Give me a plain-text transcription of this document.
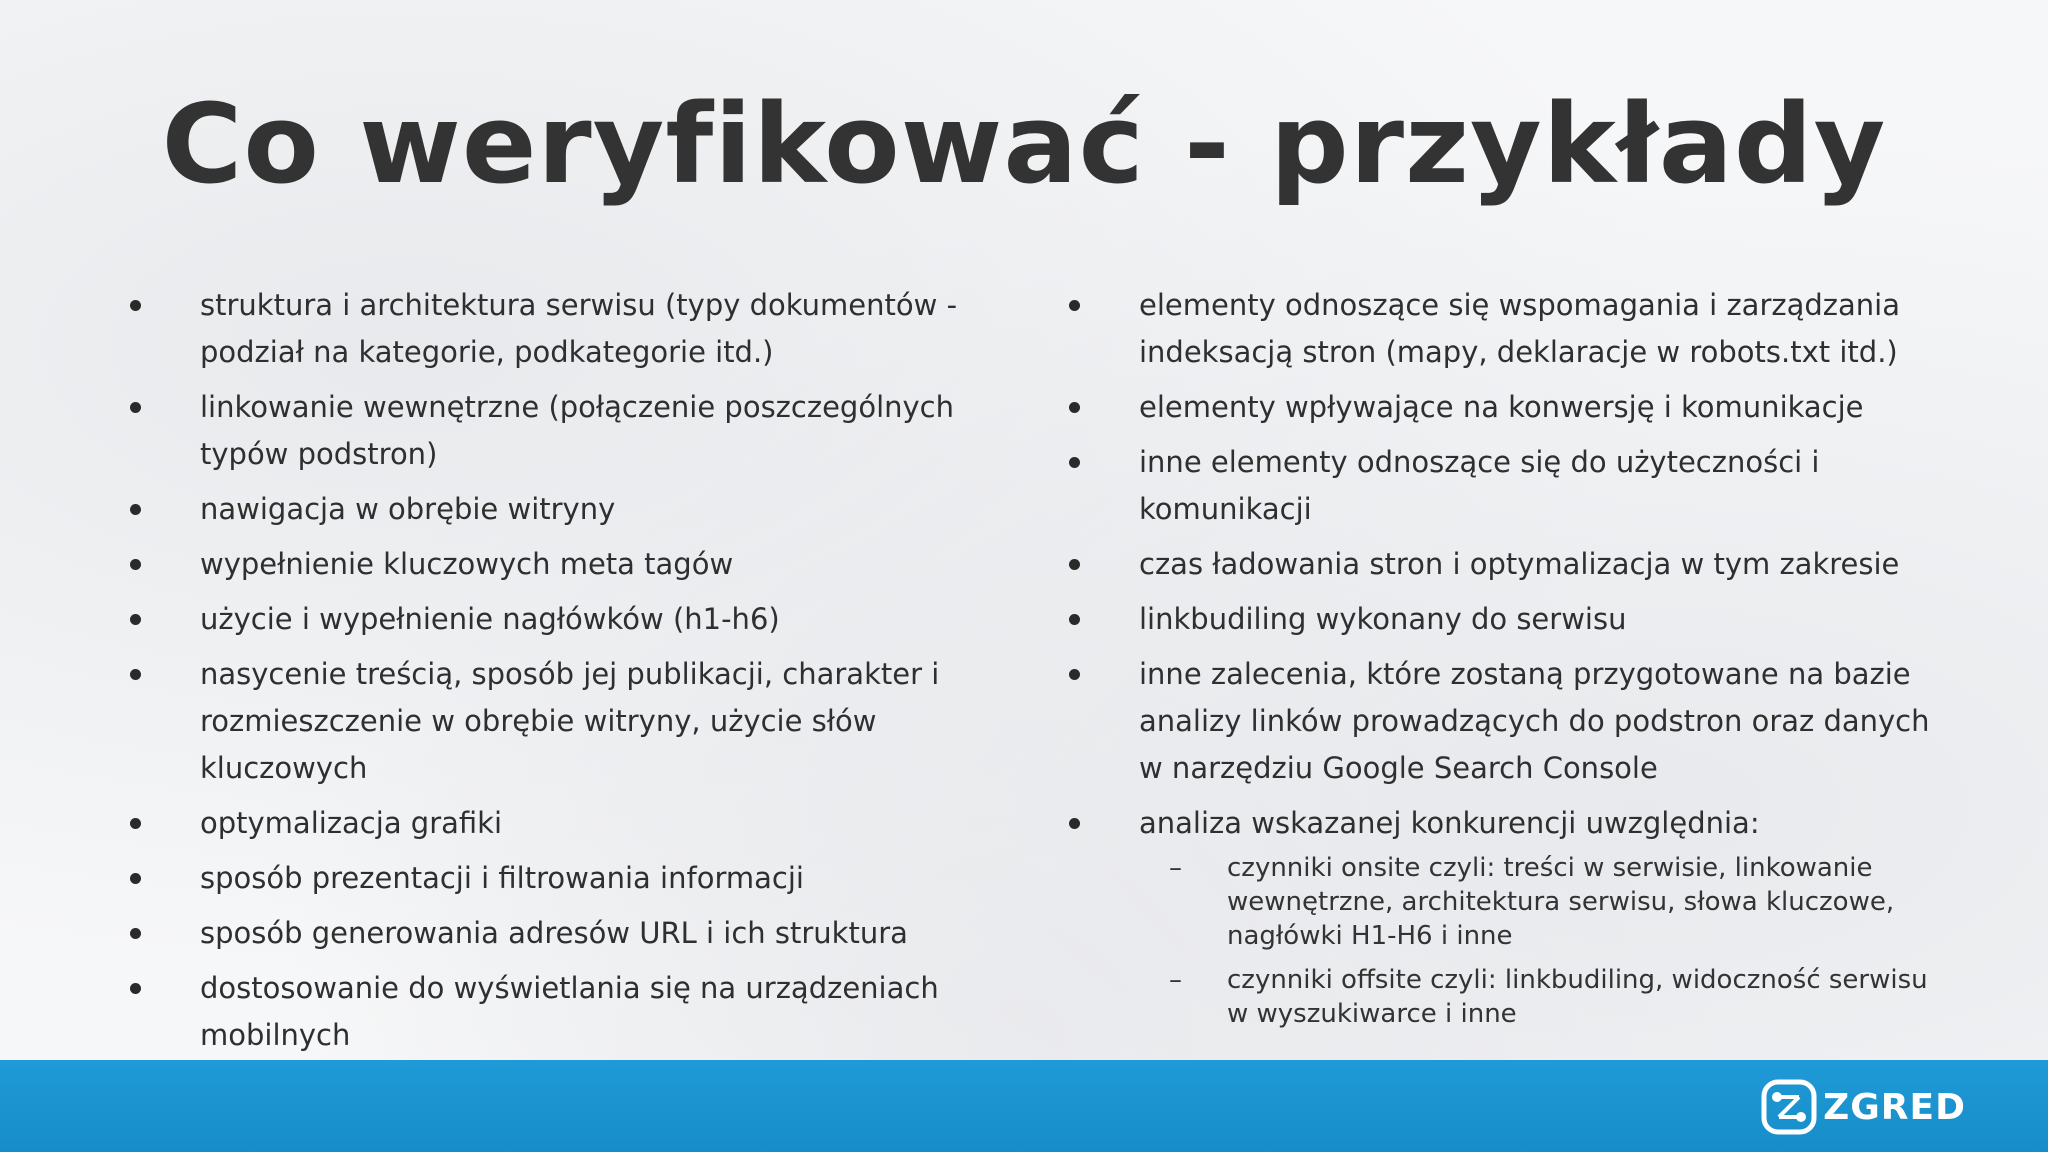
Co weryfikować - przykłady
struktura i architektura serwisu (typy dokumentów - podział na kategorie, podkategorie itd.)
linkowanie wewnętrzne (połączenie poszczególnych typów podstron)
nawigacja w obrębie witryny
wypełnienie kluczowych meta tagów
użycie i wypełnienie nagłówków (h1-h6)
nasycenie treścią, sposób jej publikacji, charakter i rozmieszczenie w obrębie witryny, użycie słów kluczowych
optymalizacja grafiki
sposób prezentacji i filtrowania informacji
sposób generowania adresów URL i ich struktura
dostosowanie do wyświetlania się na urządzeniach mobilnych
elementy odnoszące się wspomagania i zarządzania indeksacją stron (mapy, deklaracje w robots.txt itd.)
elementy wpływające na konwersję i komunikacje
inne elementy odnoszące się do użyteczności i komunikacji
czas ładowania stron i optymalizacja w tym zakresie
linkbudiling wykonany do serwisu
inne zalecenia, które zostaną przygotowane na bazie analizy linków prowadzących do podstron oraz danych w narzędziu Google Search Console
analiza wskazanej konkurencji uwzględnia:
– czynniki onsite czyli: treści w serwisie, linkowanie wewnętrzne, architektura serwisu, słowa kluczowe, nagłówki H1-H6 i inne
– czynniki offsite czyli: linkbudiling, widoczność serwisu w wyszukiwarce i inne
ZGRED
